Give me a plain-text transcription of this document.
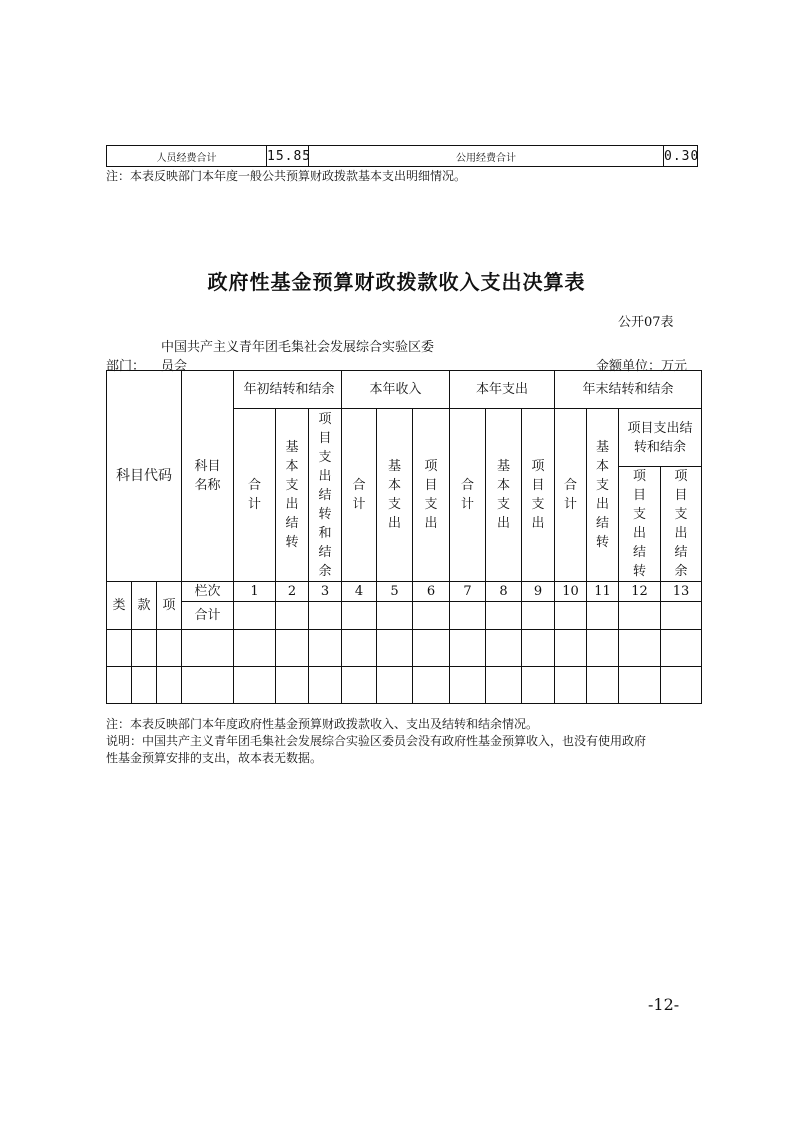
人员经费合计	15.85	公用经费合计	0.30
注：本表反映部门本年度一般公共预算财政拨款基本支出明细情况。
政府性基金预算财政拨款收入支出决算表
公开07表
中国共产主义青年团毛集社会发展综合实验区委
部门： 员会	金额单位：万元
科目代码			科目名称	年初结转和结余			本年收入			本年支出			年末结转和结余			
				合计	基本支出结转	项目支出结转和结余	合计	基本支出	项目支出	合计	基本支出	项目支出	合计	基本支出结转	项目支出结转和结余	
															项目支出结转	项目支出结余
类	款	项	栏次	1	2	3	4	5	6	7	8	9	10	11	12	13
			合计													

注：本表反映部门本年度政府性基金预算财政拨款收入、支出及结转和结余情况。
说明：中国共产主义青年团毛集社会发展综合实验区委员会没有政府性基金预算收入，也没有使用政府
性基金预算安排的支出，故本表无数据。
-12-
